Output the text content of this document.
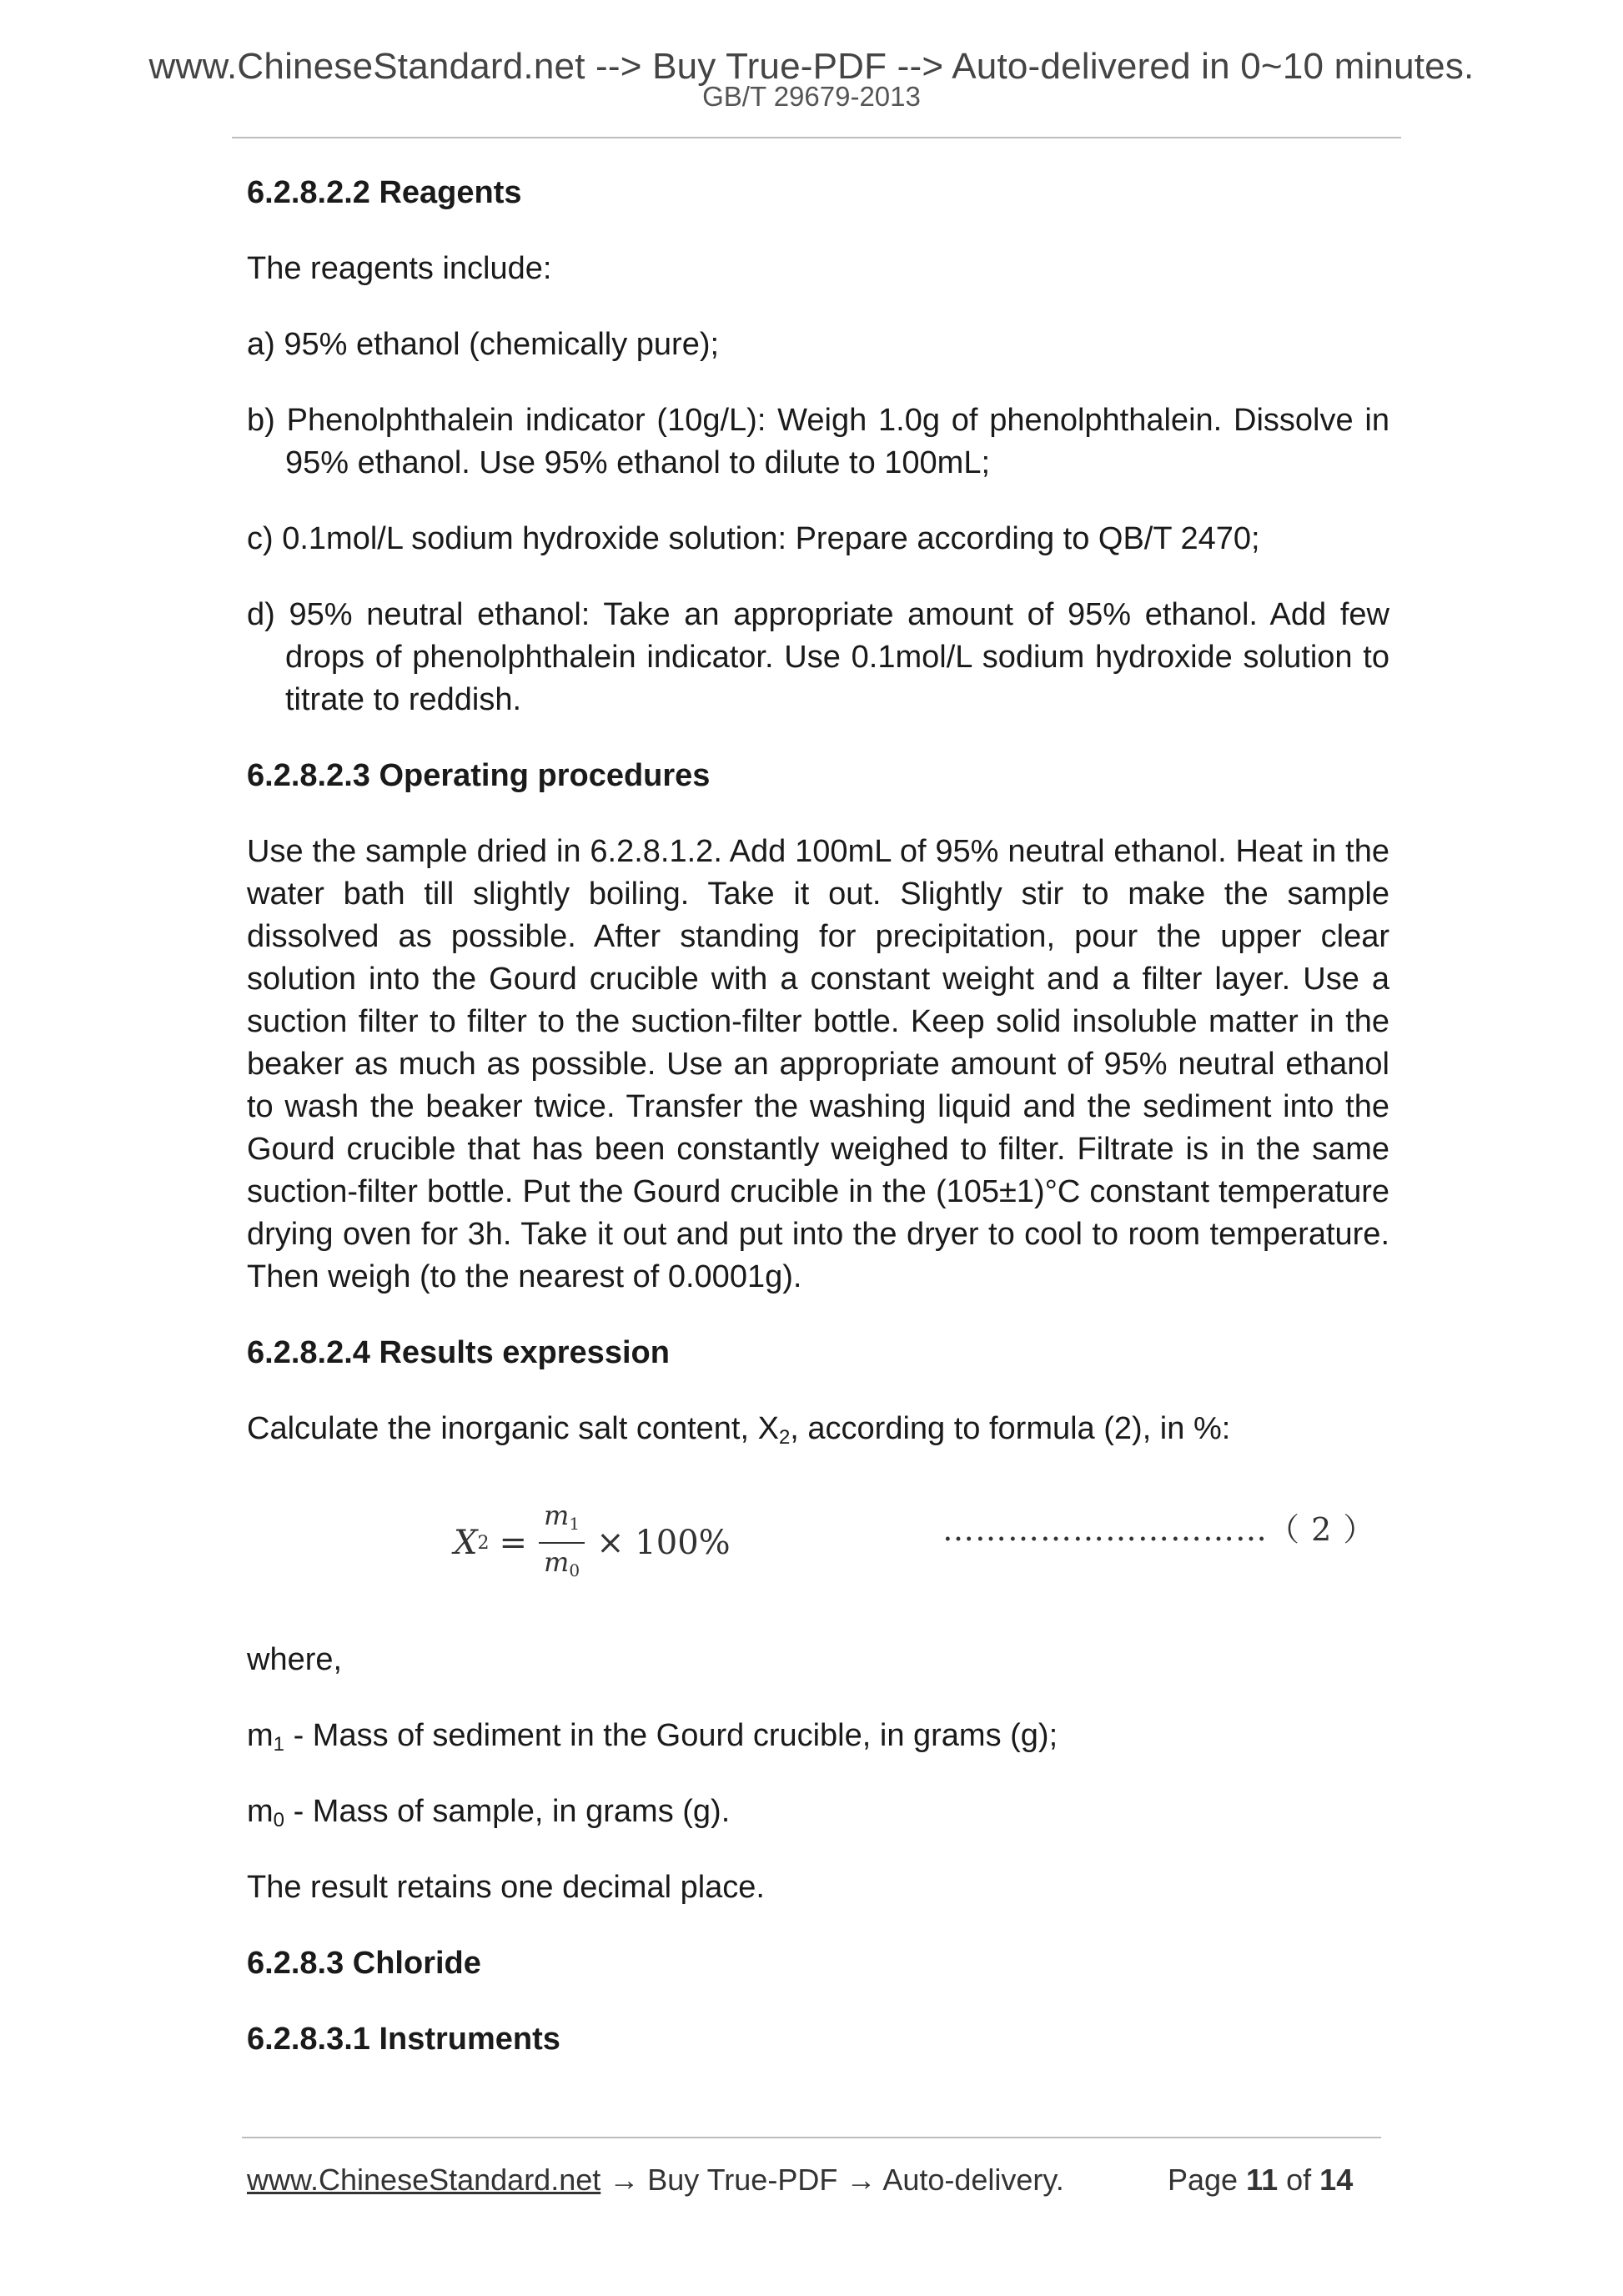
www.ChineseStandard.net --> Buy True-PDF --> Auto-delivered in 0~10 minutes.
GB/T 29679-2013

6.2.8.2.2 Reagents

The reagents include:

a) 95% ethanol (chemically pure);

b) Phenolphthalein indicator (10g/L): Weigh 1.0g of phenolphthalein. Dissolve in 95% ethanol. Use 95% ethanol to dilute to 100mL;

c) 0.1mol/L sodium hydroxide solution: Prepare according to QB/T 2470;

d) 95% neutral ethanol: Take an appropriate amount of 95% ethanol. Add few drops of phenolphthalein indicator. Use 0.1mol/L sodium hydroxide solution to titrate to reddish.

6.2.8.2.3 Operating procedures

Use the sample dried in 6.2.8.1.2. Add 100mL of 95% neutral ethanol. Heat in the water bath till slightly boiling. Take it out. Slightly stir to make the sample dissolved as possible. After standing for precipitation, pour the upper clear solution into the Gourd crucible with a constant weight and a filter layer. Use a suction filter to filter to the suction-filter bottle. Keep solid insoluble matter in the beaker as much as possible. Use an appropriate amount of 95% neutral ethanol to wash the beaker twice. Transfer the washing liquid and the sediment into the Gourd crucible that has been constantly weighed to filter. Filtrate is in the same suction-filter bottle. Put the Gourd crucible in the (105±1)°C constant temperature drying oven for 3h. Take it out and put into the dryer to cool to room temperature. Then weigh (to the nearest of 0.0001g).

6.2.8.2.4 Results expression

Calculate the inorganic salt content, $X_2$, according to formula (2), in %:

X $2 = \frac{m1}{m0} \times 100\%$	…………………………（ 2 ）

where,

$m_1$ - Mass of sediment in the Gourd crucible, in grams (g);

$m_0$ - Mass of sample, in grams (g).

The result retains one decimal place.

6.2.8.3 Chloride

6.2.8.3.1 Instruments

www.ChineseStandard.net → Buy True-PDF → Auto-delivery.	Page 11 of 14
